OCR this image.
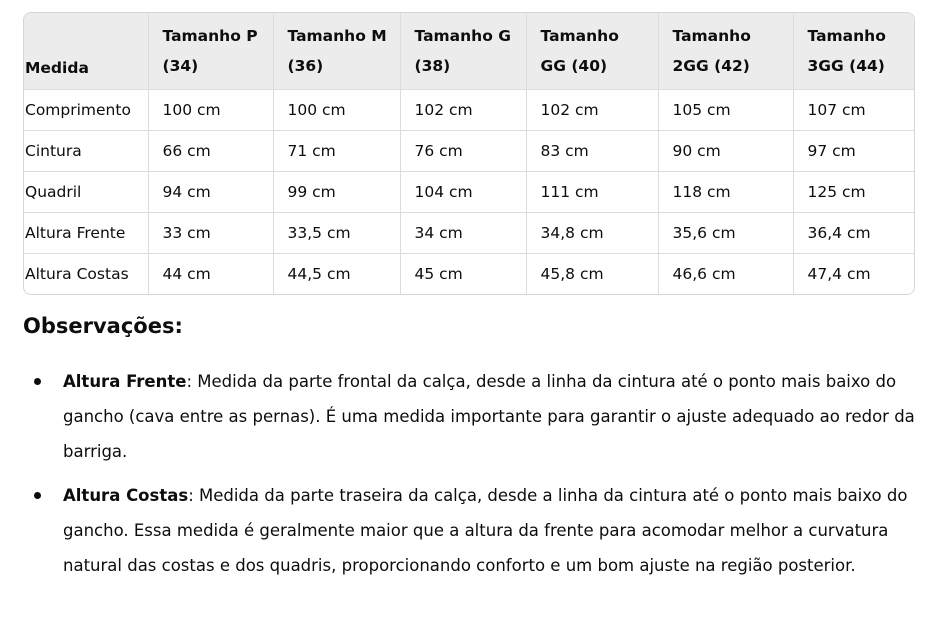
Medida	Tamanho P (34)	Tamanho M (36)	Tamanho G (38)	Tamanho GG (40)	Tamanho 2GG (42)	Tamanho 3GG (44)

Comprimento	100 cm	100 cm	102 cm	102 cm	105 cm	107 cm
Cintura	66 cm	71 cm	76 cm	83 cm	90 cm	97 cm
Quadril	94 cm	99 cm	104 cm	111 cm	118 cm	125 cm
Altura Frente	33 cm	33,5 cm	34 cm	34,8 cm	35,6 cm	36,4 cm
Altura Costas	44 cm	44,5 cm	45 cm	45,8 cm	46,6 cm	47,4 cm
Observações:
Altura Frente: Medida da parte frontal da calça, desde a linha da cintura até o ponto mais baixo do gancho (cava entre as pernas). É uma medida importante para garantir o ajuste adequado ao redor da barriga.
Altura Costas: Medida da parte traseira da calça, desde a linha da cintura até o ponto mais baixo do gancho. Essa medida é geralmente maior que a altura da frente para acomodar melhor a curvatura natural das costas e dos quadris, proporcionando conforto e um bom ajuste na região posterior.
